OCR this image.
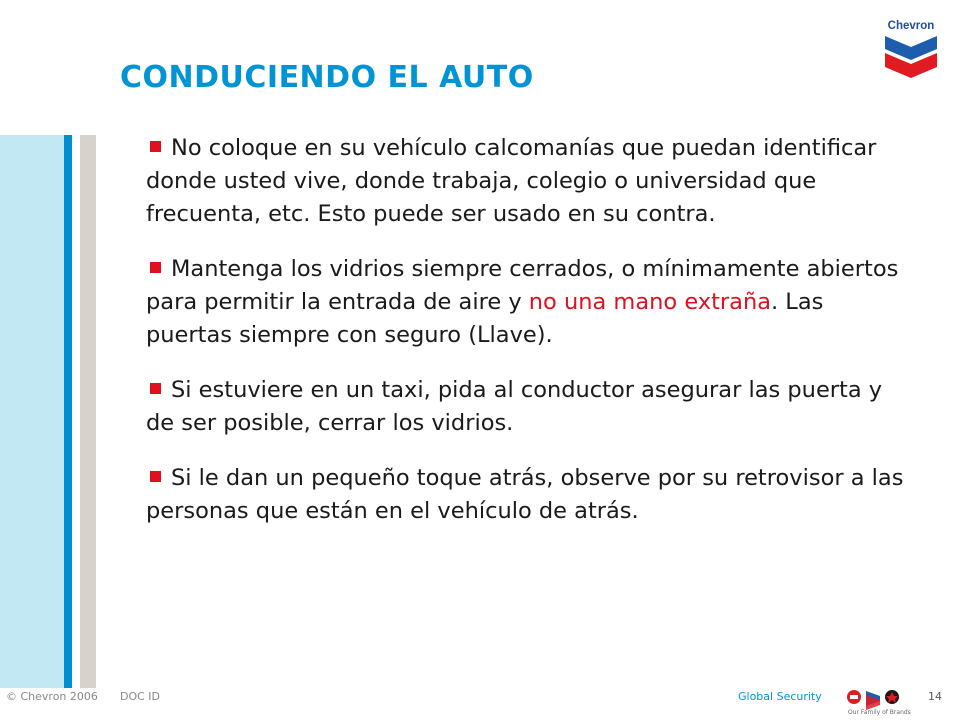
CONDUCIENDO EL AUTO
Chevron
No coloque en su vehículo calcomanías que puedan identificar donde usted vive, donde trabaja, colegio o universidad que frecuenta, etc. Esto puede ser usado en su contra.
Mantenga los vidrios siempre cerrados, o mínimamente abiertos para permitir la entrada de aire y no una mano extraña. Las puertas siempre con seguro (Llave).
Si estuviere en un taxi, pida al conductor asegurar las puerta y de ser posible, cerrar los vidrios.
Si le dan un pequeño toque atrás, observe por su retrovisor a las personas que están en el vehículo de atrás.
© Chevron 2006 DOC ID	Global Security
Our Family of Brands
14
